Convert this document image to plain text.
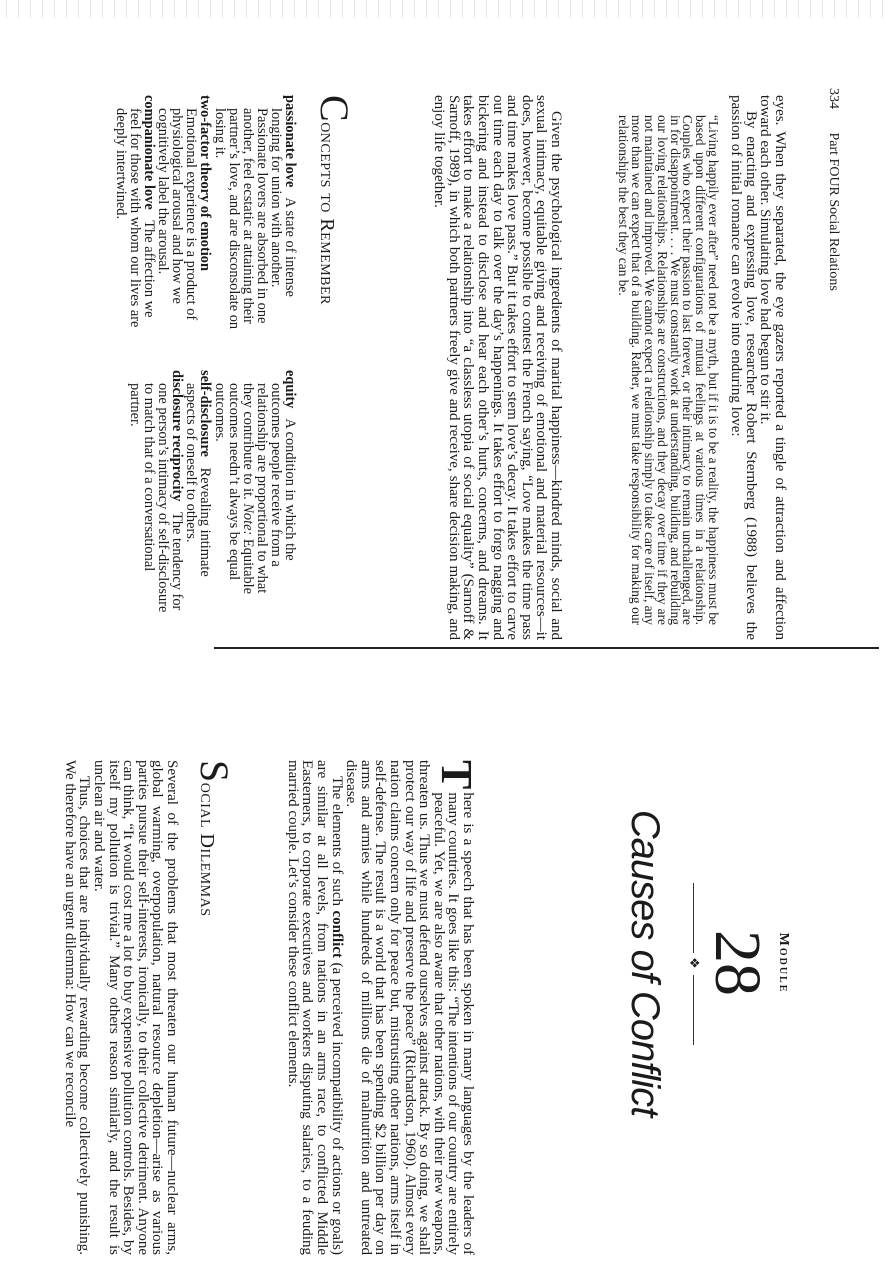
334 Part FOUR Social Relations

eyes. When they separated, the eye gazers reported a tingle of attraction and affection toward each other. Simulating love had begun to stir it.

By enacting and expressing love, researcher Robert Sternberg (1988) believes the passion of initial romance can evolve into enduring love:

“Living happily ever after” need not be a myth, but if it is to be a reality, the happiness must be based upon different configurations of mutual feelings at various times in a relationship. Couples who expect their passion to last forever, or their intimacy to remain unchallenged, are in for disappointment. . . . We must constantly work at understanding, building, and rebuilding our loving relationships. Relationships are constructions, and they decay over time if they are not maintained and improved. We cannot expect a relationship simply to take care of itself, any more than we can expect that of a building. Rather, we must take responsibility for making our relationships the best they can be.

Given the psychological ingredients of marital happiness—kindred minds, social and sexual intimacy, equitable giving and receiving of emotional and material resources—it does, however, become possible to contest the French saying, “Love makes the time pass and time makes love pass.” But it takes effort to stem love’s decay. It takes effort to carve out time each day to talk over the day’s happenings. It takes effort to forgo nagging and bickering and instead to disclose and hear each other’s hurts, concerns, and dreams. It takes effort to make a relationship into “a classless utopia of social equality” (Sarnoff & Sarnoff, 1989), in which both partners freely give and receive, share decision making, and enjoy life together.

Concepts to Remember

passionate love   A state of intense longing for union with another. Passionate lovers are absorbed in one another, feel ecstatic at attaining their partner’s love, and are disconsolate on losing it.

two-factor theory of emotion   Emotional experience is a product of physiological arousal and how we cognitively label the arousal.

companionate love   The affection we feel for those with whom our lives are deeply intertwined.

equity   A condition in which the outcomes people receive from a relationship are proportional to what they contribute to it. Note: Equitable outcomes needn’t always be equal outcomes.

self-disclosure   Revealing intimate aspects of oneself to others.

disclosure reciprocity   The tendency for one person’s intimacy of self-disclosure to match that of a conversational partner.

Module
28
❖
Causes of Conflict

T
here is a speech that has been spoken in many languages by the leaders of many countries. It goes like this: “The intentions of our country are entirely peaceful. Yet, we are also aware that other nations, with their new weapons, threaten us. Thus we must defend ourselves against attack. By so doing, we shall protect our way of life and preserve the peace” (Richardson, 1960). Almost every nation claims concern only for peace but, mistrusting other nations, arms itself in self-defense. The result is a world that has been spending $2 billion per day on arms and armies while hundreds of millions die of malnutrition and untreated disease.

The elements of such conflict (a perceived incompatibility of actions or goals) are similar at all levels, from nations in an arms race, to conflicted Middle Easterners, to corporate executives and workers disputing salaries, to a feuding married couple. Let’s consider these conflict elements.

Social Dilemmas

Several of the problems that most threaten our human future—nuclear arms, global warming, overpopulation, natural resource depletion—arise as various parties pursue their self-interests, ironically, to their collective detriment. Anyone can think, “It would cost me a lot to buy expensive pollution controls. Besides, by itself my pollution is trivial.” Many others reason similarly, and the result is unclean air and water.

Thus, choices that are individually rewarding become collectively punishing. We therefore have an urgent dilemma: How can we reconcile
